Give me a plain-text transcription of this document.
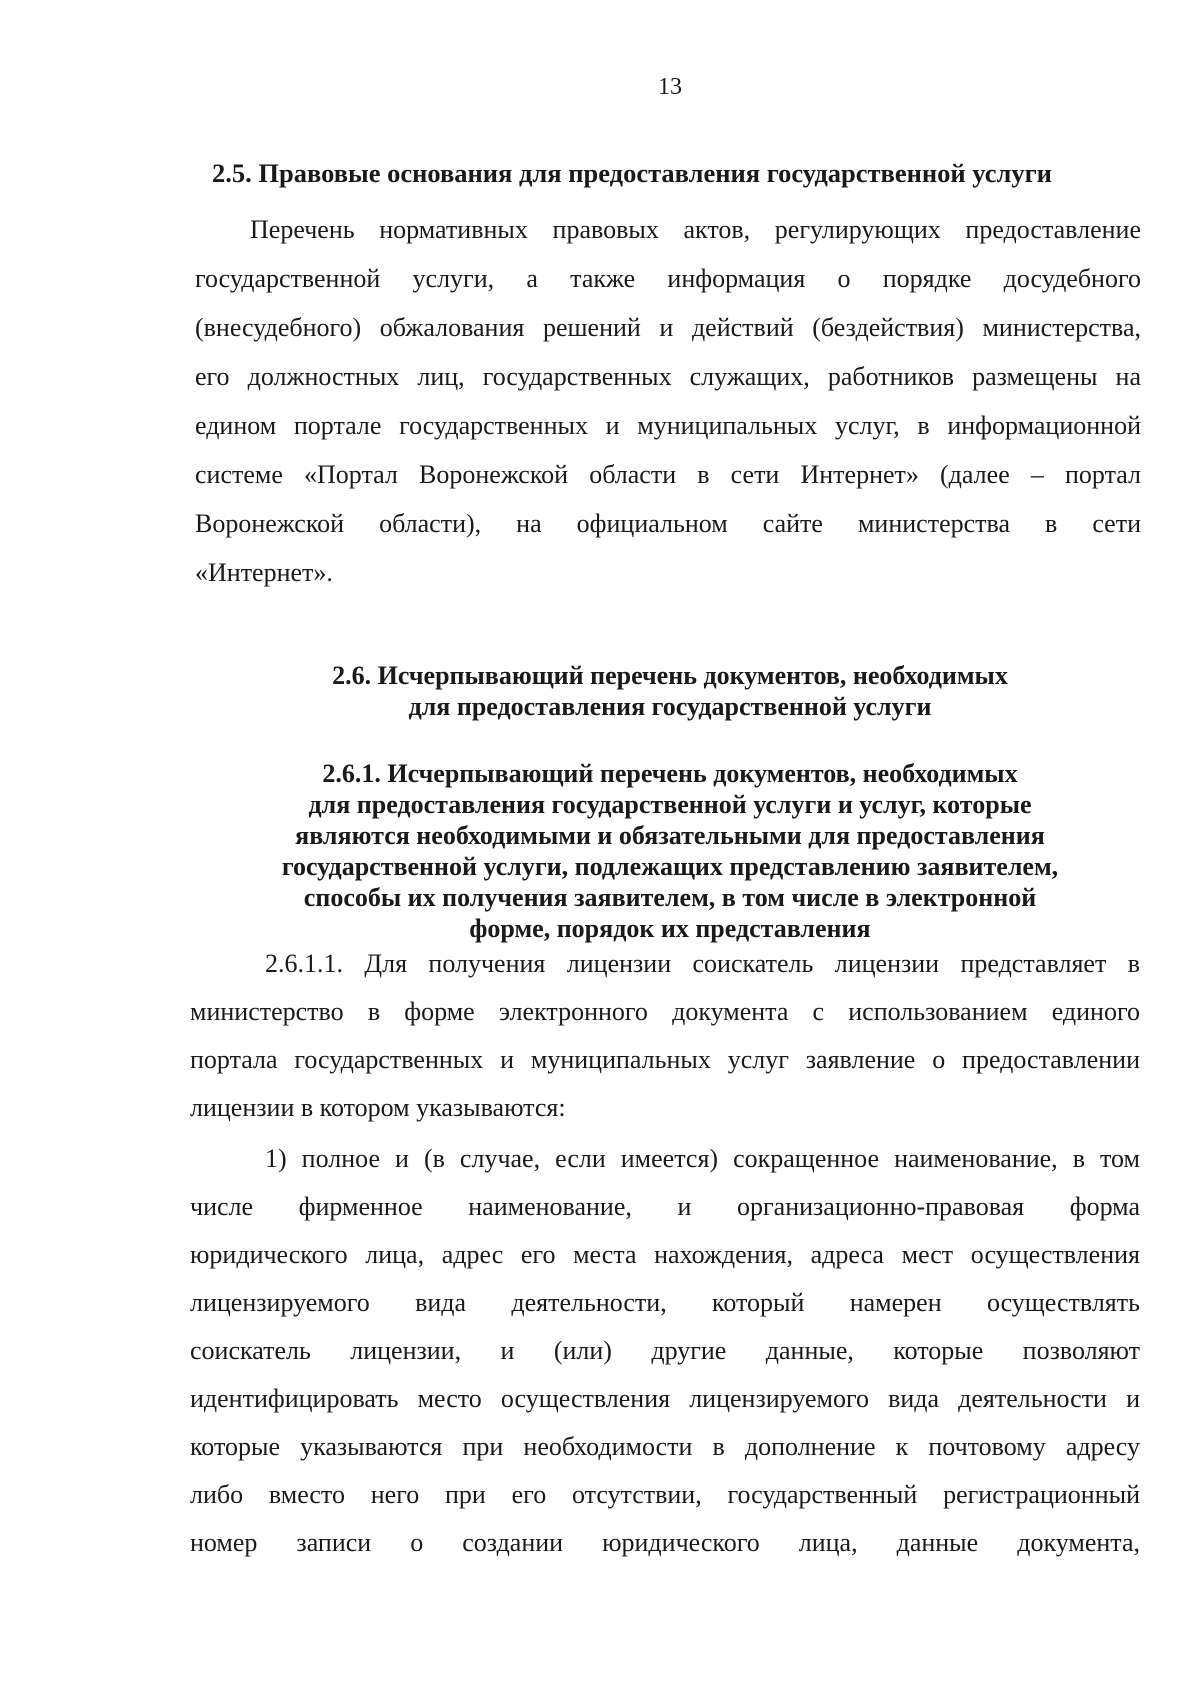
13
2.5. Правовые основания для предоставления государственной услуги
Перечень нормативных правовых актов, регулирующих предоставление
государственной услуги, а также информация о порядке досудебного
(внесудебного) обжалования решений и действий (бездействия) министерства,
его должностных лиц, государственных служащих, работников размещены на
едином портале государственных и муниципальных услуг, в информационной
системе «Портал Воронежской области в сети Интернет» (далее – портал
Воронежской области), на официальном сайте министерства в сети
«Интернет».
2.6. Исчерпывающий перечень документов, необходимых
для предоставления государственной услуги
2.6.1. Исчерпывающий перечень документов, необходимых
для предоставления государственной услуги и услуг, которые
являются необходимыми и обязательными для предоставления
государственной услуги, подлежащих представлению заявителем,
способы их получения заявителем, в том числе в электронной
форме, порядок их представления
2.6.1.1. Для получения лицензии соискатель лицензии представляет в
министерство в форме электронного документа с использованием единого
портала государственных и муниципальных услуг заявление о предоставлении
лицензии в котором указываются:
1) полное и (в случае, если имеется) сокращенное наименование, в том
числе фирменное наименование, и организационно-правовая форма
юридического лица, адрес его места нахождения, адреса мест осуществления
лицензируемого вида деятельности, который намерен осуществлять
соискатель лицензии, и (или) другие данные, которые позволяют
идентифицировать место осуществления лицензируемого вида деятельности и
которые указываются при необходимости в дополнение к почтовому адресу
либо вместо него при его отсутствии, государственный регистрационный
номер записи о создании юридического лица, данные документа,
